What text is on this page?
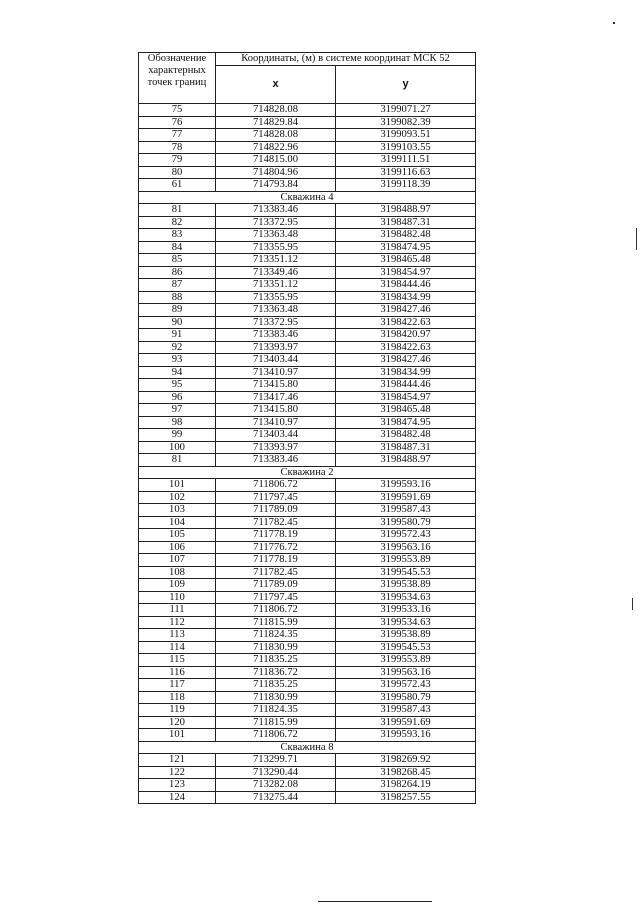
Обозначение характерных точек границ	Координаты, (м) в системе координат МСК 52	
	x	y
75	714828.08	3199071.27
76	714829.84	3199082.39
77	714828.08	3199093.51
78	714822.96	3199103.55
79	714815.00	3199111.51
80	714804.96	3199116.63
61	714793.84	3199118.39
Скважина 4		
81	713383.46	3198488.97
82	713372.95	3198487.31
83	713363.48	3198482.48
84	713355.95	3198474.95
85	713351.12	3198465.48
86	713349.46	3198454.97
87	713351.12	3198444.46
88	713355.95	3198434.99
89	713363.48	3198427.46
90	713372.95	3198422.63
91	713383.46	3198420.97
92	713393.97	3198422.63
93	713403.44	3198427.46
94	713410.97	3198434.99
95	713415.80	3198444.46
96	713417.46	3198454.97
97	713415.80	3198465.48
98	713410.97	3198474.95
99	713403.44	3198482.48
100	713393.97	3198487.31
81	713383.46	3198488.97
Скважина 2		
101	711806.72	3199593.16
102	711797.45	3199591.69
103	711789.09	3199587.43
104	711782.45	3199580.79
105	711778.19	3199572.43
106	711776.72	3199563.16
107	711778.19	3199553.89
108	711782.45	3199545.53
109	711789.09	3199538.89
110	711797.45	3199534.63
111	711806.72	3199533.16
112	711815.99	3199534.63
113	711824.35	3199538.89
114	711830.99	3199545.53
115	711835.25	3199553.89
116	711836.72	3199563.16
117	711835.25	3199572.43
118	711830.99	3199580.79
119	711824.35	3199587.43
120	711815.99	3199591.69
101	711806.72	3199593.16
Скважина 8		
121	713299.71	3198269.92
122	713290.44	3198268.45
123	713282.08	3198264.19
124	713275.44	3198257.55
